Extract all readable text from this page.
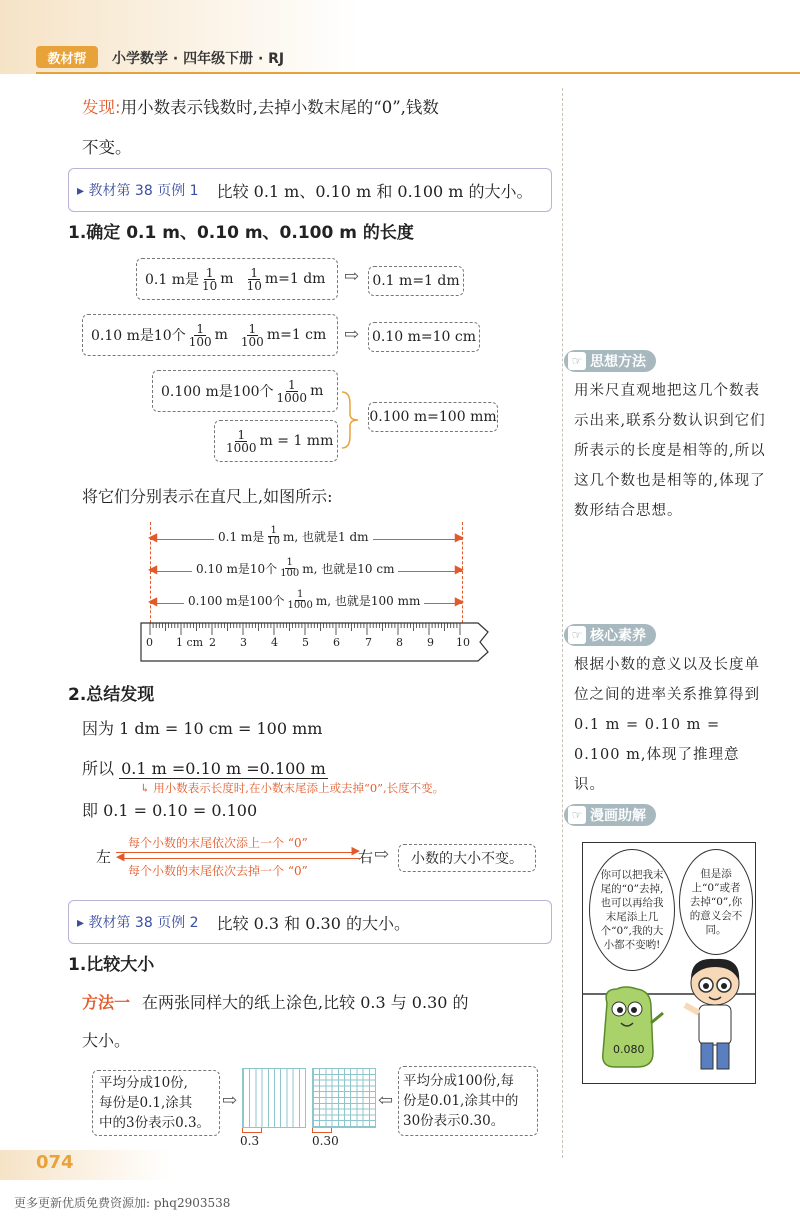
教材帮	小学数学 · 四年级下册 · RJ
发现:用小数表示钱数时,去掉小数末尾的“0”,钱数
不变。
▸ 教材第 38 页例 1 比较 0.1 m、0.10 m 和 0.100 m 的大小。
1.确定 0.1 m、0.10 m、0.100 m 的长度
0.1 m是 $\frac{1}{10}$ m $\frac{1}{10} m=1$ dm ⇨ 0.1 m=1 dm
0.10 m是10个 $\frac{1}{100}$ m $\frac{1}{100} m=1$ cm ⇨ 0.10 m=10 cm
0.100 m是100个 $\frac{1}{1000}$ m
$\frac{1}{1000}$ m = 1 mm
0.100 m=100 mm
将它们分别表示在直尺上,如图所示:
◀	▶
0.1 m是 $\frac{1}{10} m$, 也就是1 dm
◀	▶
0.10 m是10个 $\frac{1}{100} m$, 也就是10 cm
◀	▶
0.100 m是100个 $\frac{1}{1000} m$, 也就是100 mm
0 1 cm 2 3 4 5 6 7 8 9 10
2.总结发现
因为 1 dm = 10 cm = 100 mm
所以 0.1 m =0.10 m =0.100 m
↳ 用小数表示长度时,在小数末尾添上或去掉“0”,长度不变。
即 0.1 = 0.10 = 0.100
左
每个小数的末尾依次添上一个 “0”
▶
◀
每个小数的末尾依次去掉一个 “0”
右 ⇨	小数的大小不变。
▸ 教材第 38 页例 2 比较 0.3 和 0.30 的大小。
1.比较大小
方法一 在两张同样大的纸上涂色,比较 0.3 与 0.30 的
大小。
平均分成10份,
每份是0.1,涂其
中的3份表示0.3。
⇨
0.3	0.30
⇦
平均分成100份,每
份是0.01,涂其中的
30份表示0.30。
☞ 思想方法
用米尺直观地把这几个数表示出来,联系分数认识到它们所表示的长度是相等的,所以这几个数也是相等的,体现了数形结合思想。
☞ 核心素养
根据小数的意义以及长度单位之间的进率关系推算得到 0.1 m = 0.10 m = 0.100 m,体现了推理意识。
☞ 漫画助解
你可以把我末尾的“0”去掉,也可以再给我末尾添上几个“0”,我的大小都不变哟!
但是添上“0”或者去掉“0”,你的意义会不同。
0.080
074
更多更新优质免费资源加: phq2903538
